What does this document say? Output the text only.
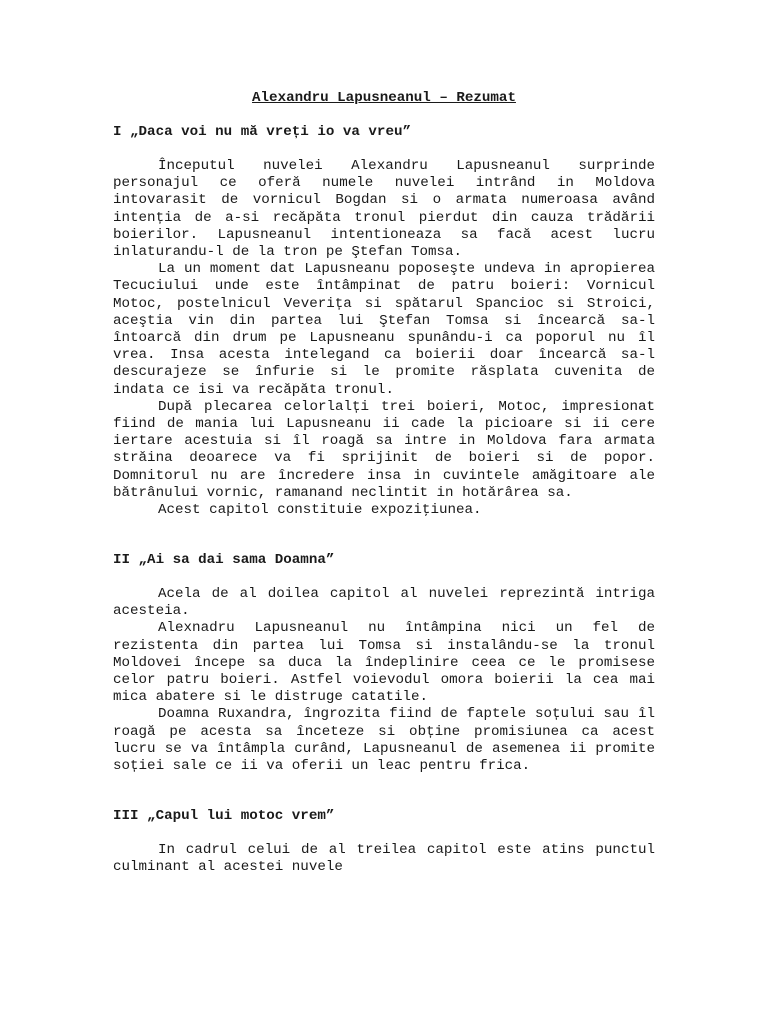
Alexandru Lapusneanul – Rezumat
I „Daca voi nu mă vreți io va vreu”

Începutul nuvelei Alexandru Lapusneanul surprinde personajul ce oferă numele nuvelei intrând in Moldova intovarasit de vornicul Bogdan si o armata numeroasa având intenția de a-si recăpăta tronul pierdut din cauza trădării boierilor. Lapusneanul intentioneaza sa facă acest lucru inlaturandu-l de la tron pe Ştefan Tomsa.

La un moment dat Lapusneanu poposeşte undeva in apropierea Tecuciului unde este întâmpinat de patru boieri: Vornicul Motoc, postelnicul Veverița si spătarul Spancioc si Stroici, aceştia vin din partea lui Ştefan Tomsa si încearcă sa-l întoarcă din drum pe Lapusneanu spunându-i ca poporul nu îl vrea. Insa acesta intelegand ca boierii doar încearcă sa-l descurajeze se înfurie si le promite răsplata cuvenita de indata ce isi va recăpăta tronul.

După plecarea celorlalți trei boieri, Motoc, impresionat fiind de mania lui Lapusneanu ii cade la picioare si ii cere iertare acestuia si îl roagă sa intre in Moldova fara armata străina deoarece va fi sprijinit de boieri si de popor. Domnitorul nu are încredere insa in cuvintele amăgitoare ale bătrânului vornic, ramanand neclintit in hotărârea sa.

Acest capitol constituie expoziţiunea.

II „Ai sa dai sama Doamna”

Acela de al doilea capitol al nuvelei reprezintă intriga acesteia.

Alexnadru Lapusneanul nu întâmpina nici un fel de rezistenta din partea lui Tomsa si instalându-se la tronul Moldovei începe sa duca la îndeplinire ceea ce le promisese celor patru boieri. Astfel voievodul omora boierii la cea mai mica abatere si le distruge catatile.

Doamna Ruxandra, îngrozita fiind de faptele soțului sau îl roagă pe acesta sa înceteze si obține promisiunea ca acest lucru se va întâmpla curând, Lapusneanul de asemenea ii promite soției sale ce ii va oferii un leac pentru frica.

III „Capul lui motoc vrem”

In cadrul celui de al treilea capitol este atins punctul culminant al acestei nuvele
